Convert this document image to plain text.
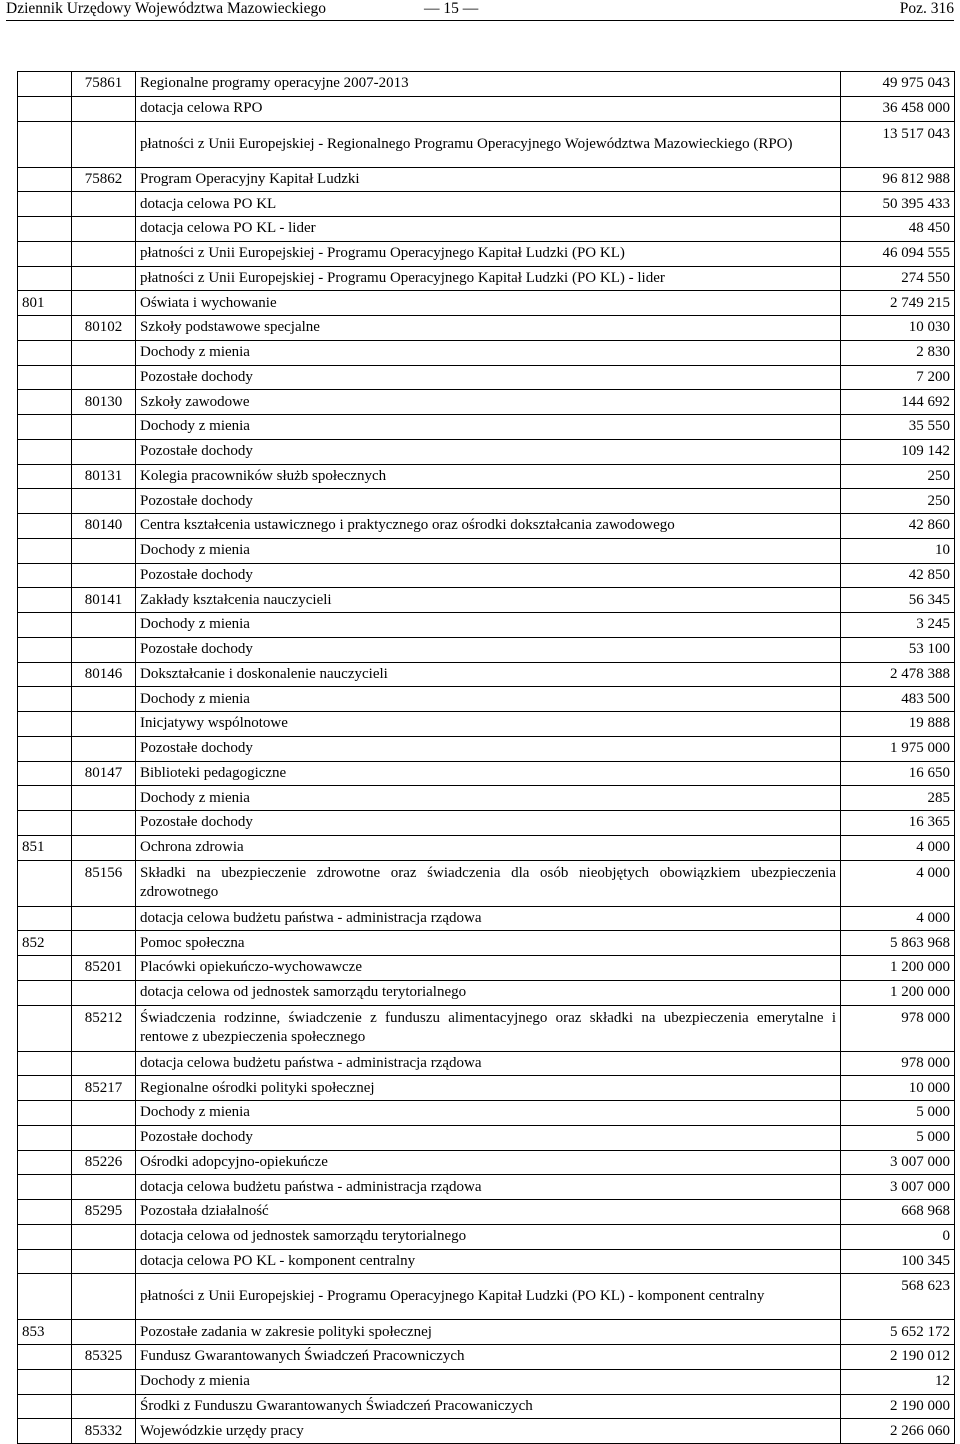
Dziennik Urzędowy Województwa Mazowieckiego	— 15 —	Poz. 316
	75861	Regionalne programy operacyjne 2007-2013	49 975 043
		dotacja celowa RPO	36 458 000
		płatności z Unii Europejskiej - Regionalnego Programu Operacyjnego Województwa Mazowieckiego (RPO)	13 517 043
	75862	Program Operacyjny Kapitał Ludzki	96 812 988
		dotacja celowa PO KL	50 395 433
		dotacja celowa PO KL - lider	48 450
		płatności z Unii Europejskiej - Programu Operacyjnego Kapitał Ludzki (PO KL)	46 094 555
		płatności z Unii Europejskiej - Programu Operacyjnego Kapitał Ludzki (PO KL) - lider	274 550
801		Oświata i wychowanie	2 749 215
	80102	Szkoły podstawowe specjalne	10 030
		Dochody z mienia	2 830
		Pozostałe dochody	7 200
	80130	Szkoły zawodowe	144 692
		Dochody z mienia	35 550
		Pozostałe dochody	109 142
	80131	Kolegia pracowników służb społecznych	250
		Pozostałe dochody	250
	80140	Centra kształcenia ustawicznego i praktycznego oraz ośrodki dokształcania zawodowego	42 860
		Dochody z mienia	10
		Pozostałe dochody	42 850
	80141	Zakłady kształcenia nauczycieli	56 345
		Dochody z mienia	3 245
		Pozostałe dochody	53 100
	80146	Dokształcanie i doskonalenie nauczycieli	2 478 388
		Dochody z mienia	483 500
		Inicjatywy wspólnotowe	19 888
		Pozostałe dochody	1 975 000
	80147	Biblioteki pedagogiczne	16 650
		Dochody z mienia	285
		Pozostałe dochody	16 365
851		Ochrona zdrowia	4 000
	85156	Składki na ubezpieczenie zdrowotne oraz świadczenia dla osób nieobjętych obowiązkiem ubezpieczenia zdrowotnego	4 000
		dotacja celowa budżetu państwa - administracja rządowa	4 000
852		Pomoc społeczna	5 863 968
	85201	Placówki opiekuńczo-wychowawcze	1 200 000
		dotacja celowa od jednostek samorządu terytorialnego	1 200 000
	85212	Świadczenia rodzinne, świadczenie z funduszu alimentacyjnego oraz składki na ubezpieczenia emerytalne i rentowe z ubezpieczenia społecznego	978 000
		dotacja celowa budżetu państwa - administracja rządowa	978 000
	85217	Regionalne ośrodki polityki społecznej	10 000
		Dochody z mienia	5 000
		Pozostałe dochody	5 000
	85226	Ośrodki adopcyjno-opiekuńcze	3 007 000
		dotacja celowa budżetu państwa - administracja rządowa	3 007 000
	85295	Pozostała działalność	668 968
		dotacja celowa od jednostek samorządu terytorialnego	0
		dotacja celowa PO KL - komponent centralny	100 345
		płatności z Unii Europejskiej - Programu Operacyjnego Kapitał Ludzki (PO KL) - komponent centralny	568 623
853		Pozostałe zadania w zakresie polityki społecznej	5 652 172
	85325	Fundusz Gwarantowanych Świadczeń Pracowniczych	2 190 012
		Dochody z mienia	12
		Środki z Funduszu Gwarantowanych Świadczeń Pracowaniczych	2 190 000
	85332	Wojewódzkie urzędy pracy	2 266 060
